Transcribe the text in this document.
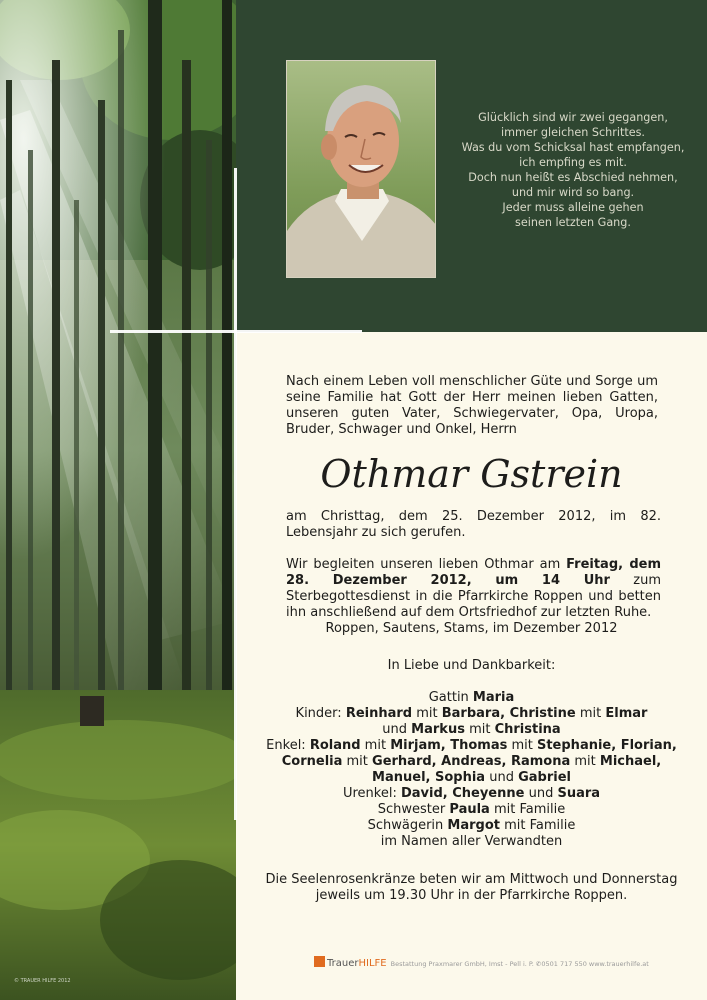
© TRAUER HILFE 2012
Glücklich sind wir zwei gegangen,
immer gleichen Schrittes.
Was du vom Schicksal hast empfangen,
ich empfing es mit.
Doch nun heißt es Abschied nehmen,
und mir wird so bang.
Jeder muss alleine gehen
seinen letzten Gang.
Nach einem Leben voll menschlicher Güte und Sorge um seine Familie hat Gott der Herr meinen lieben Gatten, unseren guten Vater, Schwiegervater, Opa, Uropa, Bruder, Schwager und Onkel, Herrn
Othmar Gstrein
am Christtag, dem 25. Dezember 2012, im 82. Lebensjahr zu sich gerufen.
Wir begleiten unseren lieben Othmar am Freitag, dem 28. Dezember 2012, um 14 Uhr zum Sterbegottesdienst in die Pfarrkirche Roppen und betten ihn anschließend auf dem Ortsfriedhof zur letzten Ruhe.
Roppen, Sautens, Stams, im Dezember 2012
In Liebe und Dankbarkeit:
Gattin Maria
Kinder: Reinhard mit Barbara, Christine mit Elmar
und Markus mit Christina
Enkel: Roland mit Mirjam, Thomas mit Stephanie, Florian,
Cornelia mit Gerhard, Andreas, Ramona mit Michael,
Manuel, Sophia und Gabriel
Urenkel: David, Cheyenne und Suara
Schwester Paula mit Familie
Schwägerin Margot mit Familie
im Namen aller Verwandten
Die Seelenrosenkränze beten wir am Mittwoch und Donnerstag
jeweils um 19.30 Uhr in der Pfarrkirche Roppen.
TrauerHILFE Bestattung Praxmarer GmbH, Imst - Pell i. P. ✆0501 717 550 www.trauerhilfe.at
